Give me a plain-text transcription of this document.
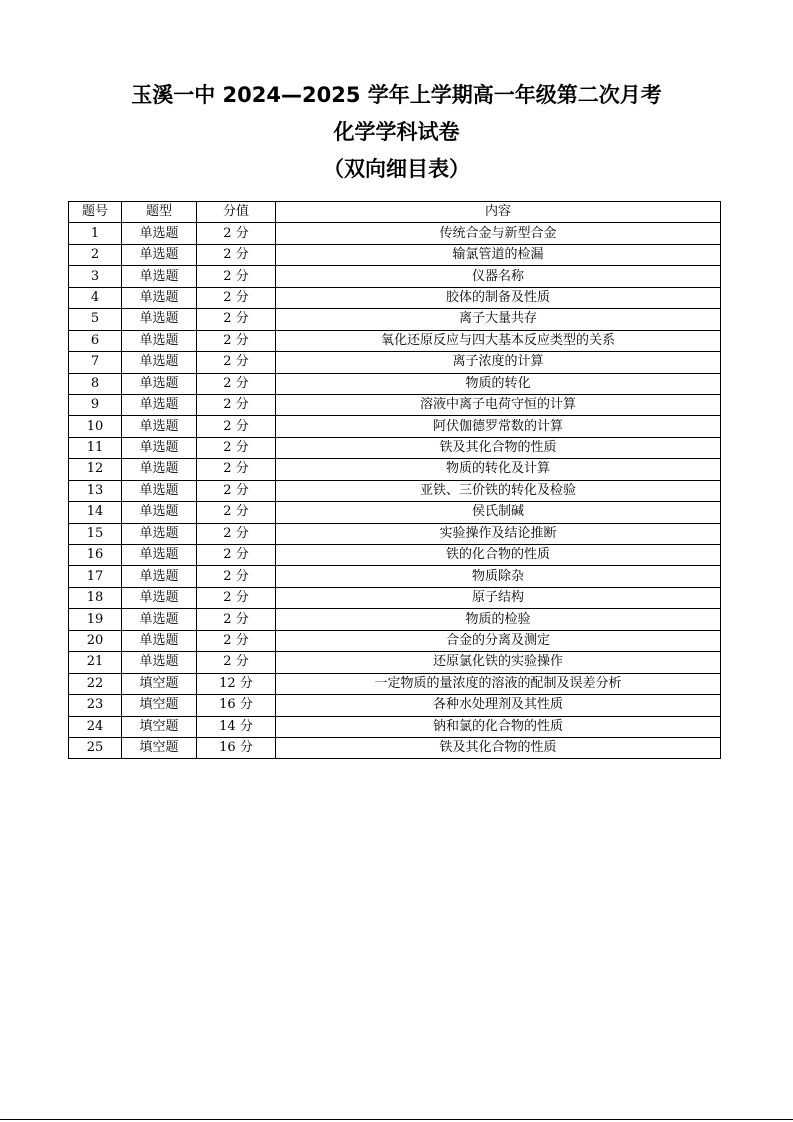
玉溪一中 2024—2025 学年上学期高一年级第二次月考
化学学科试卷
（双向细目表）
题号	题型	分值	内容
1	单选题	2 分	传统合金与新型合金
2	单选题	2 分	输氯管道的检漏
3	单选题	2 分	仪器名称
4	单选题	2 分	胶体的制备及性质
5	单选题	2 分	离子大量共存
6	单选题	2 分	氧化还原反应与四大基本反应类型的关系
7	单选题	2 分	离子浓度的计算
8	单选题	2 分	物质的转化
9	单选题	2 分	溶液中离子电荷守恒的计算
10	单选题	2 分	阿伏伽德罗常数的计算
11	单选题	2 分	铁及其化合物的性质
12	单选题	2 分	物质的转化及计算
13	单选题	2 分	亚铁、三价铁的转化及检验
14	单选题	2 分	侯氏制碱
15	单选题	2 分	实验操作及结论推断
16	单选题	2 分	铁的化合物的性质
17	单选题	2 分	物质除杂
18	单选题	2 分	原子结构
19	单选题	2 分	物质的检验
20	单选题	2 分	合金的分离及测定
21	单选题	2 分	还原氯化铁的实验操作
22	填空题	12 分	一定物质的量浓度的溶液的配制及误差分析
23	填空题	16 分	各种水处理剂及其性质
24	填空题	14 分	钠和氯的化合物的性质
25	填空题	16 分	铁及其化合物的性质
